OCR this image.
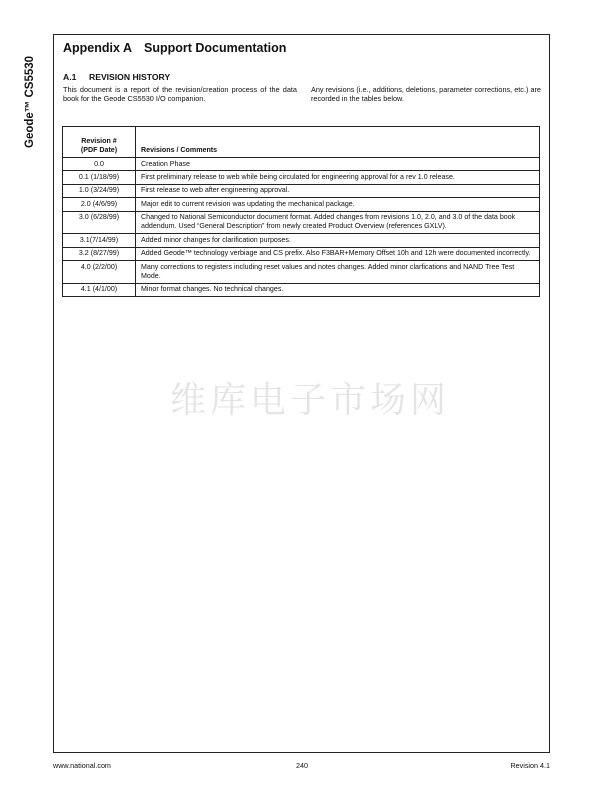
Geode™ CS5530
Appendix A Support Documentation
A.1 REVISION HISTORY
This document is a report of the revision/creation process of the data book for the Geode CS5530 I/O companion.
Any revisions (i.e., additions, deletions, parameter corrections, etc.) are recorded in the tables below.
Revision #
(PDF Date)	Revisions / Comments
0.0	Creation Phase
0.1 (1/18/99)	First preliminary release to web while being circulated for engineering approval for a rev 1.0 release.
1.0 (3/24/99)	First release to web after engineering approval.
2.0 (4/6/99)	Major edit to current revision was updating the mechanical package.
3.0 (6/28/99)	Changed to National Semiconductor document format. Added changes from revisions 1.0, 2.0, and 3.0 of the data book addendum. Used “General Description” from newly created Product Overview (references GXLV).
3.1(7/14/99)	Added minor changes for clarification purposes.
3.2 (8/27/99)	Added Geode™ technology verbiage and CS prefix. Also F3BAR+Memory Offset 10h and 12h were documented incorrectly.
4.0 (2/2/00)	Many corrections to registers including reset values and notes changes. Added minor clarfications and NAND Tree Test Mode.
4.1 (4/1/00)	Minor format changes. No technical changes.
维库电子市场网
www.national.com	240	Revision 4.1
